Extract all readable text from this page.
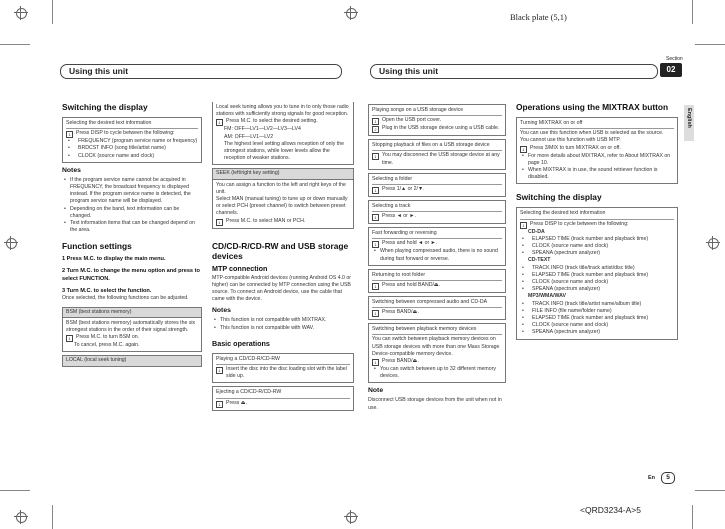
Black plate (5,1)
Section
02
English
Using this unit	Using this unit
Switching the display
Selecting the desired text information
1	Press DISP to cycle between the following:
• FREQUENCY (program service name or frequency)
• BRDCST INFO (song title/artist name)
• CLOCK (source name and clock)
Notes
• If the program service name cannot be acquired in FREQUENCY, the broadcast frequency is displayed instead. If the program service name is detected, the program service name will be displayed.
• Depending on the band, text information can be changed.
• Text information items that can be changed depend on the area.
Function settings
1 Press M.C. to display the main menu.
2 Turn M.C. to change the menu option and press to select FUNCTION.
3 Turn M.C. to select the function.
Once selected, the following functions can be adjusted.
BSM (best stations memory)
BSM (best stations memory) automatically stores the six strongest stations in the order of their signal strength.
1	Press M.C. to turn BSM on.
To cancel, press M.C. again.
LOCAL (local seek tuning)
Local seek tuning allows you to tune in to only those radio stations with sufficiently strong signals for good reception.
1	Press M.C. to select the desired setting.
FM: OFF—LV1—LV2—LV3—LV4
AM: OFF—LV1—LV2
The highest level setting allows reception of only the strongest stations, while lower levels allow the reception of weaker stations.
SEEK (left/right key setting)
You can assign a function to the left and right keys of the unit.
Select MAN (manual tuning) to tune up or down manually or select PCH (preset channel) to switch between preset channels.
1	Press M.C. to select MAN or PCH.
CD/CD-R/CD-RW and USB storage devices
MTP connection
MTP-compatible Android devices (running Android OS 4.0 or higher) can be connected by MTP connection using the USB source. To connect an Android device, use the cable that came with the device.
Notes
• This function is not compatible with MIXTRAX.
• This function is not compatible with WAV.
Basic operations
Playing a CD/CD-R/CD-RW
1	Insert the disc into the disc loading slot with the label side up.
Ejecting a CD/CD-R/CD-RW
1	Press ⏏.
Playing songs on a USB storage device
1	Open the USB port cover.
2	Plug in the USB storage device using a USB cable.
Stopping playback of files on a USB storage device
1	You may disconnect the USB storage device at any time.
Selecting a folder
1	Press 1/▲ or 2/▼.
Selecting a track
1	Press ◄ or ►.
Fast forwarding or reversing
1	Press and hold ◄ or ►.
• When playing compressed audio, there is no sound during fast forward or reverse.
Returning to root folder
1	Press and hold BAND/⏏.
Switching between compressed audio and CD-DA
1	Press BAND/⏏.
Switching between playback memory devices
You can switch between playback memory devices on USB storage devices with more than one Mass Storage Device-compatible memory device.
1	Press BAND/⏏.
• You can switch between up to 32 different memory devices.
Note
Disconnect USB storage devices from the unit when not in use.
Operations using the MIXTRAX button
Turning MIXTRAX on or off
You can use this function when USB is selected as the source.
You cannot use this function with USB MTP.
1	Press 3/MIX to turn MIXTRAX on or off.
• For more details about MIXTRAX, refer to About MIXTRAX on page 10.
• When MIXTRAX is in use, the sound retriever function is disabled.
Switching the display
Selecting the desired text information
1	Press DISP to cycle between the following:
CD-DA
• ELAPSED TIME (track number and playback time)
• CLOCK (source name and clock)
• SPEANA (spectrum analyzer)
CD-TEXT
• TRACK INFO (track title/track artist/disc title)
• ELAPSED TIME (track number and playback time)
• CLOCK (source name and clock)
• SPEANA (spectrum analyzer)
MP3/WMA/WAV
• TRACK INFO (track title/artist name/album title)
• FILE INFO (file name/folder name)
• ELAPSED TIME (track number and playback time)
• CLOCK (source name and clock)
• SPEANA (spectrum analyzer)
En	5
<QRD3234-A>5
